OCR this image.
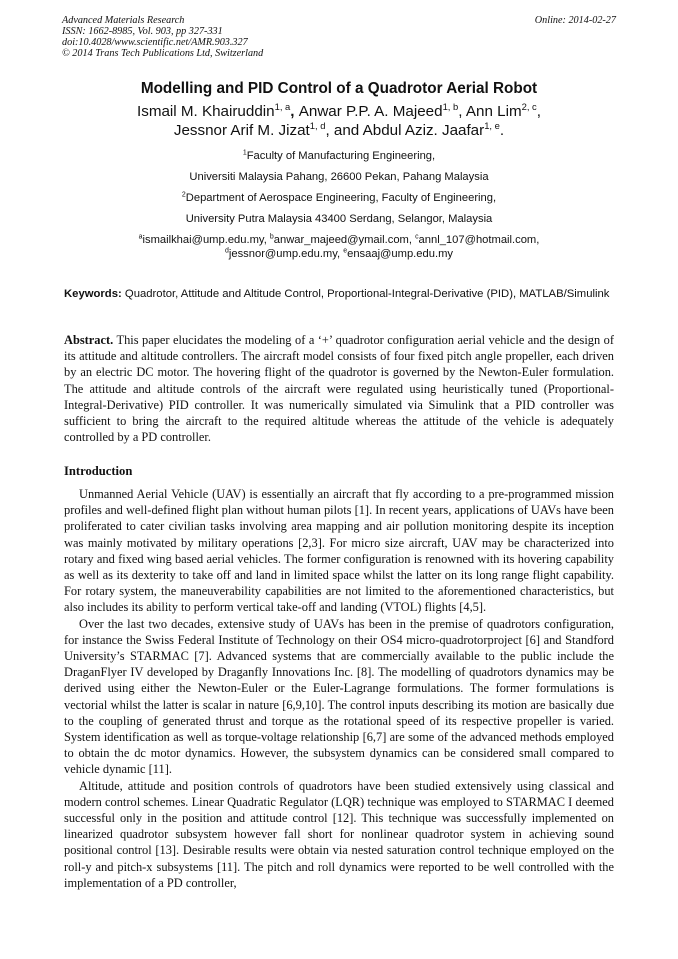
Advanced Materials Research
ISSN: 1662-8985, Vol. 903, pp 327-331
doi:10.4028/www.scientific.net/AMR.903.327
© 2014 Trans Tech Publications Ltd, Switzerland
Online: 2014-02-27
Modelling and PID Control of a Quadrotor Aerial Robot
Ismail M. Khairuddin$^{1, a}$, Anwar P.P. A. Majeed$^{1, b}$, Ann Lim$^{2, c}$,
Jessnor Arif M. Jizat$^{1, d}$, and Abdul Aziz. Jaafar$^{1, e}$.
$^1$Faculty of Manufacturing Engineering,
Universiti Malaysia Pahang, 26600 Pekan, Pahang Malaysia
$^2$Department of Aerospace Engineering, Faculty of Engineering,
University Putra Malaysia 43400 Serdang, Selangor, Malaysia
$^a$ismailkhai@ump.edu.my, $^b$anwar_majeed@ymail.com, $^c$annl_107@hotmail.com,
$^d$jessnor@ump.edu.my, $^e$ensaaj@ump.edu.my
Keywords: Quadrotor, Attitude and Altitude Control, Proportional-Integral-Derivative (PID), MATLAB/Simulink
Abstract. This paper elucidates the modeling of a ‘+’ quadrotor configuration aerial vehicle and the design of its attitude and altitude controllers. The aircraft model consists of four fixed pitch angle propeller, each driven by an electric DC motor. The hovering flight of the quadrotor is governed by the Newton-Euler formulation. The attitude and altitude controls of the aircraft were regulated using heuristically tuned (Proportional-Integral-Derivative) PID controller. It was numerically simulated via Simulink that a PID controller was sufficient to bring the aircraft to the required altitude whereas the attitude of the vehicle is adequately controlled by a PD controller.
Introduction

Unmanned Aerial Vehicle (UAV) is essentially an aircraft that fly according to a pre-programmed mission profiles and well-defined flight plan without human pilots [1]. In recent years, applications of UAVs have been proliferated to cater civilian tasks involving area mapping and air pollution monitoring despite its inception was mainly motivated by military operations [2,3]. For micro size aircraft, UAV may be characterized into rotary and fixed wing based aerial vehicles. The former configuration is renowned with its hovering capability as well as its dexterity to take off and land in limited space whilst the latter on its long range flight capability. For rotary system, the maneuverability capabilities are not limited to the aforementioned characteristics, but also includes its ability to perform vertical take-off and landing (VTOL) flights [4,5].

Over the last two decades, extensive study of UAVs has been in the premise of quadrotors configuration, for instance the Swiss Federal Institute of Technology on their OS4 micro-quadrotorproject [6] and Standford University’s STARMAC [7]. Advanced systems that are commercially available to the public include the DraganFlyer IV developed by Draganfly Innovations Inc. [8]. The modelling of quadrotors dynamics may be derived using either the Newton-Euler or the Euler-Lagrange formulations. The former formulations is vectorial whilst the latter is scalar in nature [6,9,10]. The control inputs describing its motion are basically due to the coupling of generated thrust and torque as the rotational speed of its respective propeller is varied. System identification as well as torque-voltage relationship [6,7] are some of the advanced methods employed to obtain the dc motor dynamics. However, the subsystem dynamics can be considered small compared to vehicle dynamic [11].

Altitude, attitude and position controls of quadrotors have been studied extensively using classical and modern control schemes. Linear Quadratic Regulator (LQR) technique was employed to STARMAC I deemed successful only in the position and attitude control [12]. This technique was successfully implemented on linearized quadrotor subsystem however fall short for nonlinear quadrotor system in achieving sound positional control [13]. Desirable results were obtain via nested saturation control technique employed on the roll-y and pitch-x subsystems [11]. The pitch and roll dynamics were reported to be well controlled with the implementation of a PD controller,
